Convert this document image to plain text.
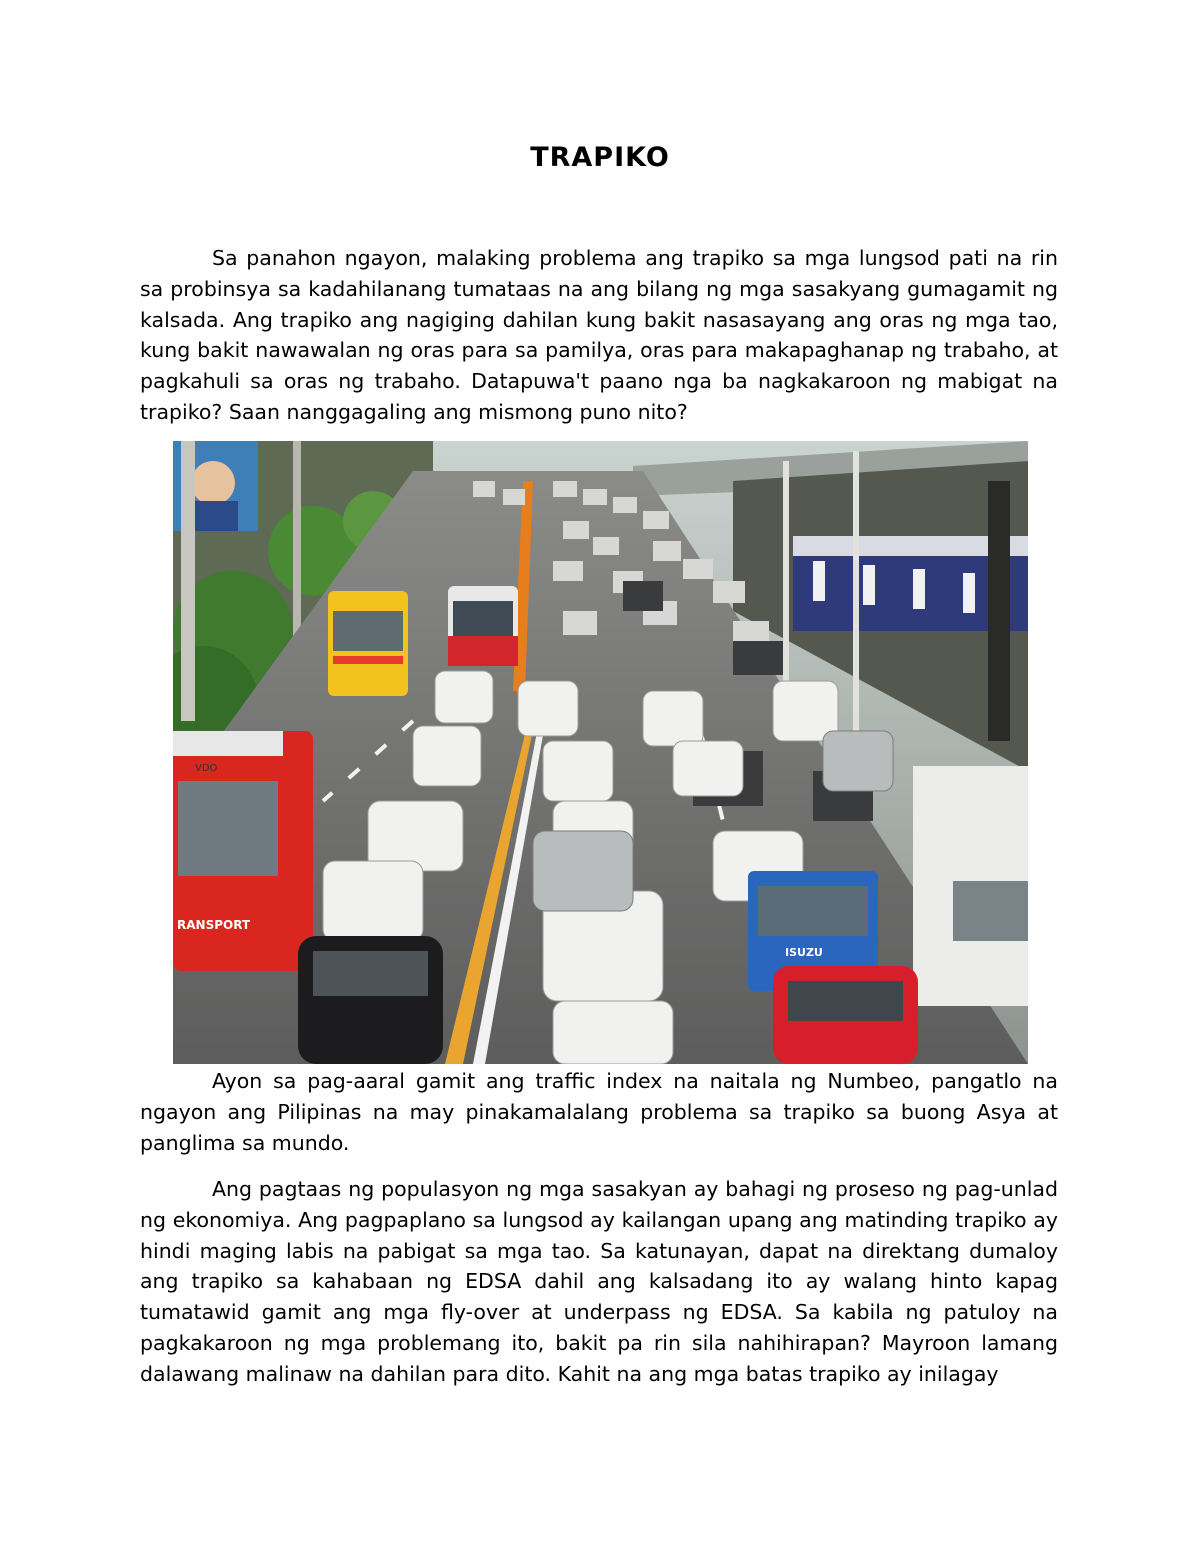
TRAPIKO

Sa panahon ngayon, malaking problema ang trapiko sa mga lungsod pati na rin sa probinsya sa kadahilanang tumataas na ang bilang ng mga sasakyang gumagamit ng kalsada. Ang trapiko ang nagiging dahilan kung bakit nasasayang ang oras ng mga tao, kung bakit nawawalan ng oras para sa pamilya, oras para makapaghanap ng trabaho, at pagkahuli sa oras ng trabaho. Datapuwa't paano nga ba nagkakaroon ng mabigat na trapiko? Saan nanggagaling ang mismong puno nito?

RANSPORT
VDO
ISUZU

Ayon sa pag-aaral gamit ang traffic index na naitala ng Numbeo, pangatlo na ngayon ang Pilipinas na may pinakamalalang problema sa trapiko sa buong Asya at panglima sa mundo.

Ang pagtaas ng populasyon ng mga sasakyan ay bahagi ng proseso ng pag-unlad ng ekonomiya. Ang pagpaplano sa lungsod ay kailangan upang ang matinding trapiko ay hindi maging labis na pabigat sa mga tao. Sa katunayan, dapat na direktang dumaloy ang trapiko sa kahabaan ng EDSA dahil ang kalsadang ito ay walang hinto kapag tumatawid gamit ang mga fly-over at underpass ng EDSA. Sa kabila ng patuloy na pagkakaroon ng mga problemang ito, bakit pa rin sila nahihirapan? Mayroon lamang dalawang malinaw na dahilan para dito. Kahit na ang mga batas trapiko ay inilagay
